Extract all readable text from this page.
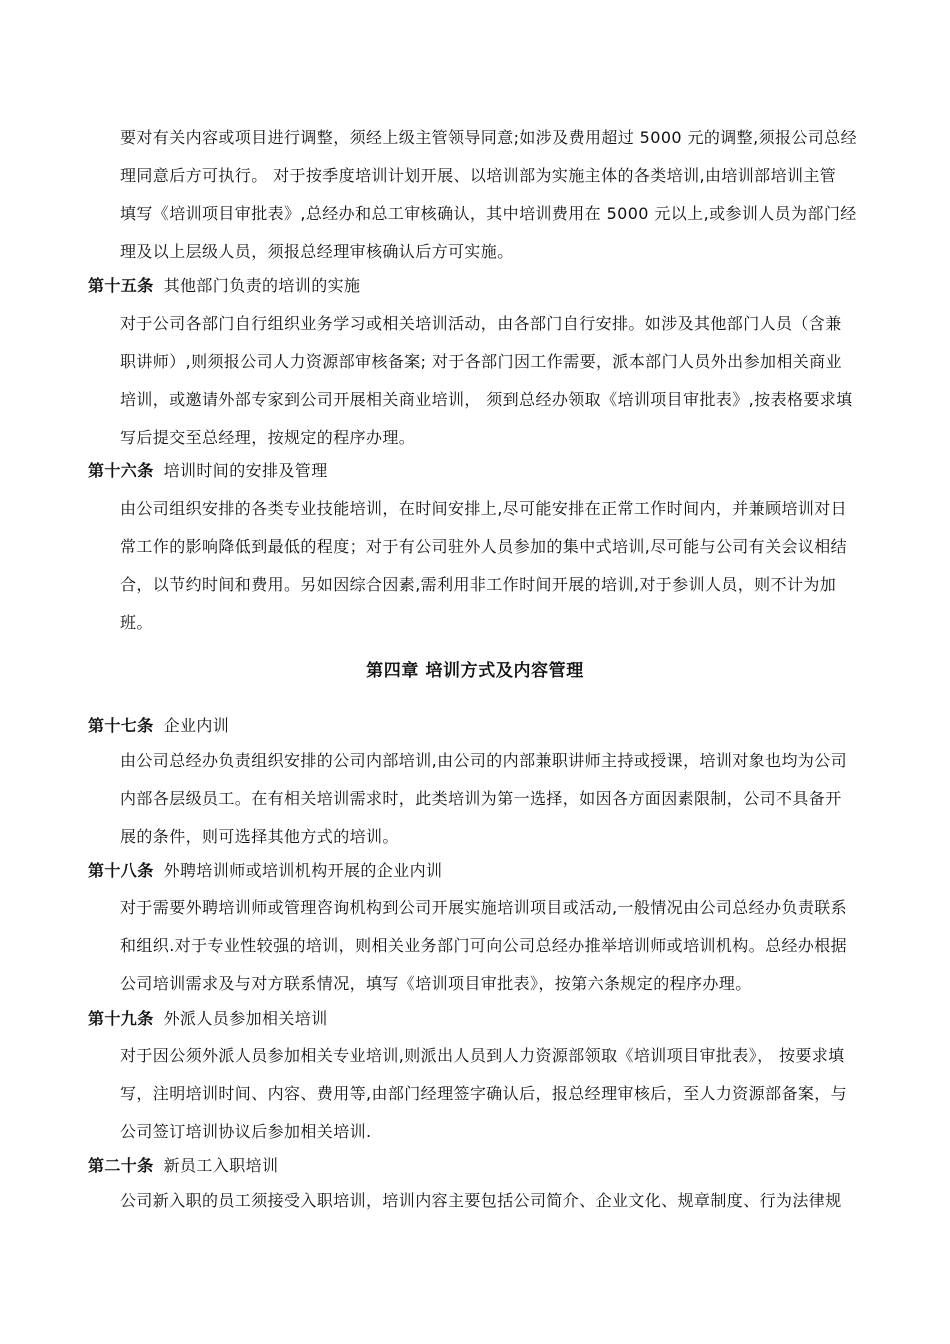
要对有关内容或项目进行调整，须经上级主管领导同意;如涉及费用超过 5000 元的调整,须报公司总经
理同意后方可执行。 对于按季度培训计划开展、以培训部为实施主体的各类培训,由培训部培训主管
填写《培训项目审批表》,总经办和总工审核确认，其中培训费用在 5000 元以上,或参训人员为部门经
理及以上层级人员，须报总经理审核确认后方可实施。
第十五条 其他部门负责的培训的实施
对于公司各部门自行组织业务学习或相关培训活动，由各部门自行安排。如涉及其他部门人员（含兼
职讲师）,则须报公司人力资源部审核备案; 对于各部门因工作需要，派本部门人员外出参加相关商业
培训，或邀请外部专家到公司开展相关商业培训， 须到总经办领取《培训项目审批表》,按表格要求填
写后提交至总经理，按规定的程序办理。
第十六条 培训时间的安排及管理
由公司组织安排的各类专业技能培训，在时间安排上,尽可能安排在正常工作时间内，并兼顾培训对日
常工作的影响降低到最低的程度；对于有公司驻外人员参加的集中式培训,尽可能与公司有关会议相结
合，以节约时间和费用。另如因综合因素,需利用非工作时间开展的培训,对于参训人员，则不计为加
班。
第四章 培训方式及内容管理
第十七条 企业内训
由公司总经办负责组织安排的公司内部培训,由公司的内部兼职讲师主持或授课，培训对象也均为公司
内部各层级员工。在有相关培训需求时，此类培训为第一选择，如因各方面因素限制，公司不具备开
展的条件，则可选择其他方式的培训。
第十八条 外聘培训师或培训机构开展的企业内训
对于需要外聘培训师或管理咨询机构到公司开展实施培训项目或活动,一般情况由公司总经办负责联系
和组织.对于专业性较强的培训，则相关业务部门可向公司总经办推举培训师或培训机构。总经办根据
公司培训需求及与对方联系情况，填写《培训项目审批表》，按第六条规定的程序办理。
第十九条 外派人员参加相关培训
对于因公须外派人员参加相关专业培训,则派出人员到人力资源部领取《培训项目审批表》， 按要求填
写，注明培训时间、内容、费用等,由部门经理签字确认后，报总经理审核后，至人力资源部备案，与
公司签订培训协议后参加相关培训.
第二十条 新员工入职培训
公司新入职的员工须接受入职培训，培训内容主要包括公司简介、企业文化、规章制度、行为法律规
